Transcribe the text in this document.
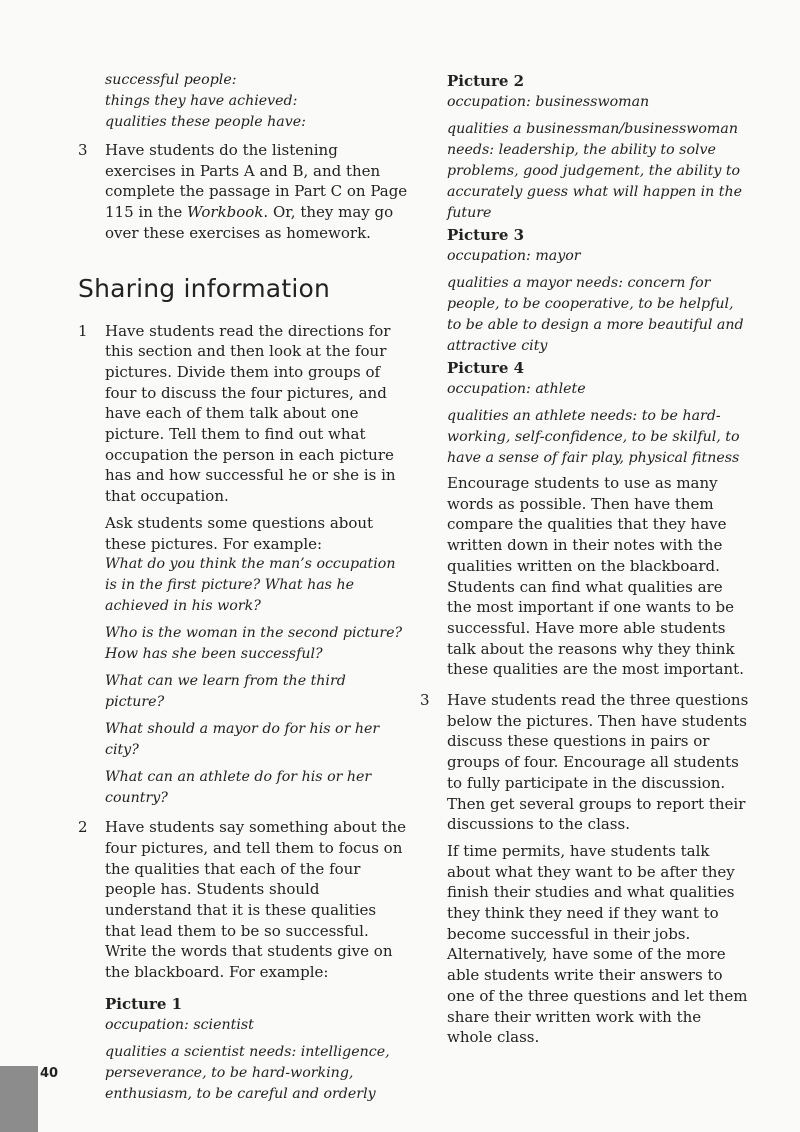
successful people:

things they have achieved:

qualities these people have:

3	Have students do the listening exercises in Parts A and B, and then complete the passage in Part C on Page 115 in the Workbook. Or, they may go over these exercises as homework.

Sharing information
1 Have students read the directions for this section and then look at the four pictures. Divide them into groups of four to discuss the four pictures, and have each of them talk about one picture. Tell them to find out what occupation the person in each picture has and how successful he or she is in that occupation.

Ask students some questions about these pictures. For example:

What do you think the man’s occupation is in the first picture? What has he achieved in his work?

Who is the woman in the second picture? How has she been successful?

What can we learn from the third picture?

What should a mayor do for his or her city?

What can an athlete do for his or her country?

2 Have students say something about the four pictures, and tell them to focus on the qualities that each of the four people has. Students should understand that it is these qualities that lead them to be so successful. Write the words that students give on the blackboard. For example:

Picture 1

occupation: scientist

qualities a scientist needs: intelligence, perseverance, to be hard-working, enthusiasm, to be careful and orderly

Picture 2

occupation: businesswoman

qualities a businessman/businesswoman needs: leadership, the ability to solve problems, good judgement, the ability to accurately guess what will happen in the future

Picture 3

occupation: mayor

qualities a mayor needs: concern for people, to be cooperative, to be helpful, to be able to design a more beautiful and attractive city

Picture 4

occupation: athlete

qualities an athlete needs: to be hard-working, self-confidence, to be skilful, to have a sense of fair play, physical fitness

Encourage students to use as many words as possible. Then have them compare the qualities that they have written down in their notes with the qualities written on the blackboard. Students can find what qualities are the most important if one wants to be successful. Have more able students talk about the reasons why they think these qualities are the most important.

3 Have students read the three questions below the pictures. Then have students discuss these questions in pairs or groups of four. Encourage all students to fully participate in the discussion. Then get several groups to report their discussions to the class.

If time permits, have students talk about what they want to be after they finish their studies and what qualities they think they need if they want to become successful in their jobs. Alternatively, have some of the more able students write their answers to one of the three questions and let them share their written work with the whole class.

40
